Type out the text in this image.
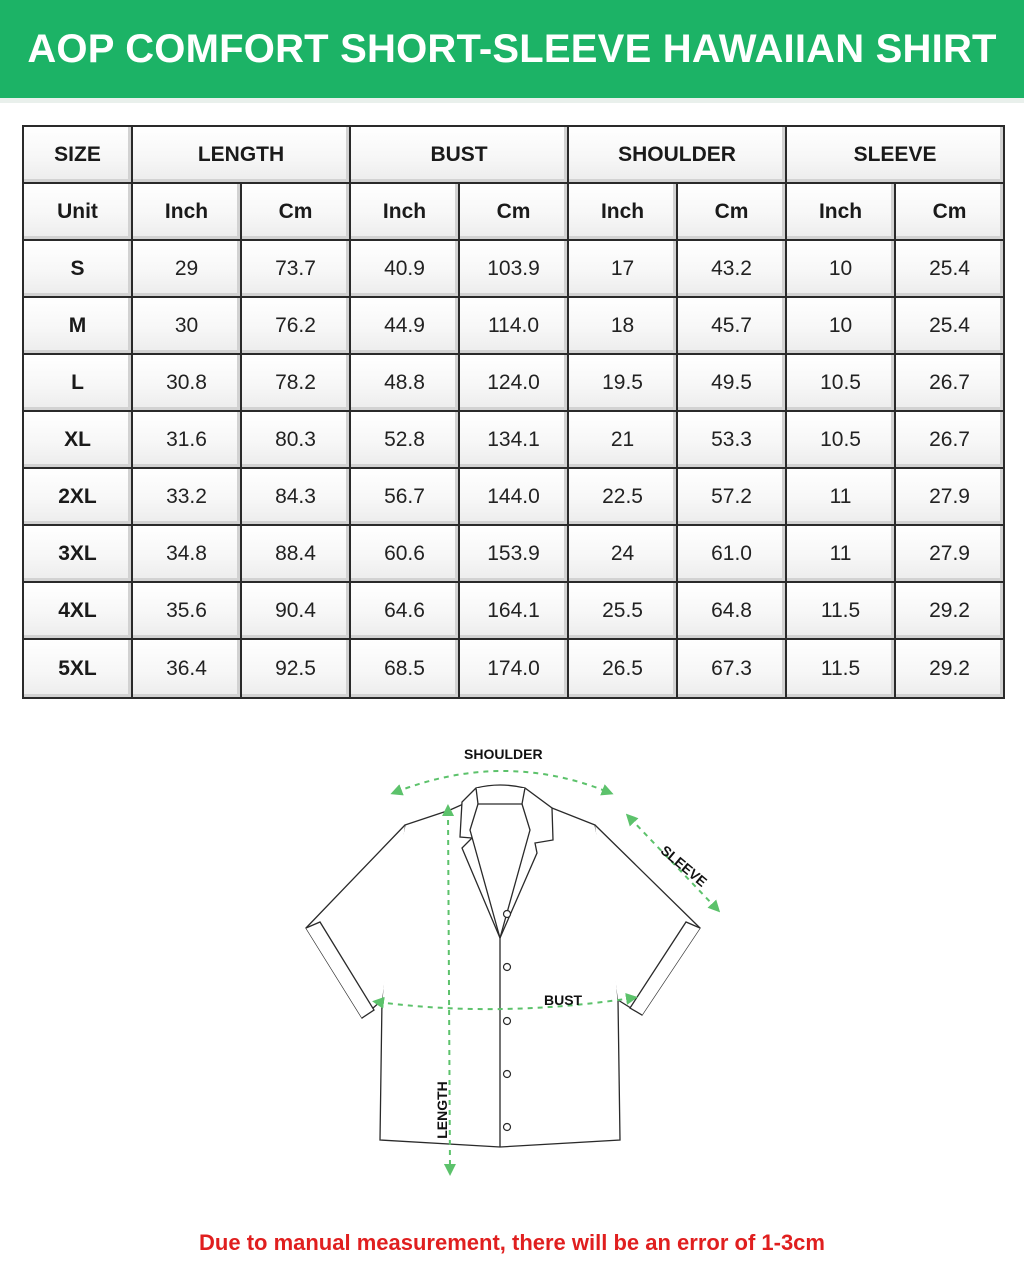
AOP COMFORT SHORT-SLEEVE HAWAIIAN SHIRT
SIZE	LENGTH		BUST		SHOULDER		SLEEVE	
Unit	Inch	Cm	Inch	Cm	Inch	Cm	Inch	Cm
S	29	73.7	40.9	103.9	17	43.2	10	25.4
M	30	76.2	44.9	114.0	18	45.7	10	25.4
L	30.8	78.2	48.8	124.0	19.5	49.5	10.5	26.7
XL	31.6	80.3	52.8	134.1	21	53.3	10.5	26.7
2XL	33.2	84.3	56.7	144.0	22.5	57.2	11	27.9
3XL	34.8	88.4	60.6	153.9	24	61.0	11	27.9
4XL	35.6	90.4	64.6	164.1	25.5	64.8	11.5	29.2
5XL	36.4	92.5	68.5	174.0	26.5	67.3	11.5	29.2
SHOULDER
SLEEVE
BUST
LENGTH
Due to manual measurement, there will be an error of 1-3cm
